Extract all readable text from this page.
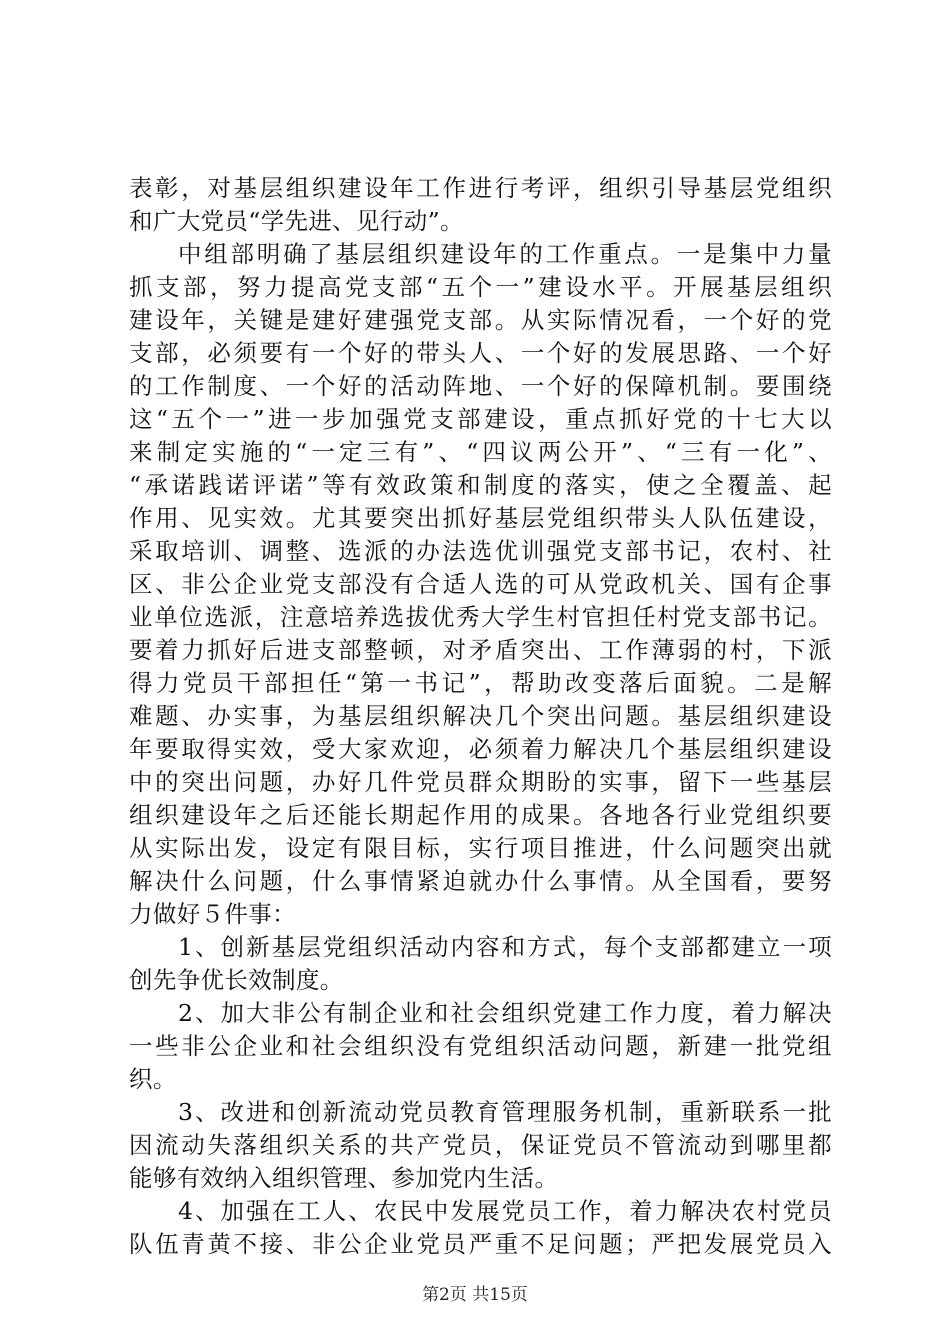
表彰，对基层组织建设年工作进行考评，组织引导基层党组织
和广大党员“学先进、见行动”。
中组部明确了基层组织建设年的工作重点。一是集中力量
抓支部，努力提高党支部“五个一”建设水平。开展基层组织
建设年，关键是建好建强党支部。从实际情况看，一个好的党
支部，必须要有一个好的带头人、一个好的发展思路、一个好
的工作制度、一个好的活动阵地、一个好的保障机制。要围绕
这“五个一”进一步加强党支部建设，重点抓好党的十七大以
来制定实施的“一定三有”、“四议两公开”、“三有一化”、
“承诺践诺评诺”等有效政策和制度的落实，使之全覆盖、起
作用、见实效。尤其要突出抓好基层党组织带头人队伍建设，
采取培训、调整、选派的办法选优训强党支部书记，农村、社
区、非公企业党支部没有合适人选的可从党政机关、国有企事
业单位选派，注意培养选拔优秀大学生村官担任村党支部书记。
要着力抓好后进支部整顿，对矛盾突出、工作薄弱的村，下派
得力党员干部担任“第一书记”，帮助改变落后面貌。二是解
难题、办实事，为基层组织解决几个突出问题。基层组织建设
年要取得实效，受大家欢迎，必须着力解决几个基层组织建设
中的突出问题，办好几件党员群众期盼的实事，留下一些基层
组织建设年之后还能长期起作用的成果。各地各行业党组织要
从实际出发，设定有限目标，实行项目推进，什么问题突出就
解决什么问题，什么事情紧迫就办什么事情。从全国看，要努
力做好５件事：
1、创新基层党组织活动内容和方式，每个支部都建立一项
创先争优长效制度。
2、加大非公有制企业和社会组织党建工作力度，着力解决
一些非公企业和社会组织没有党组织活动问题，新建一批党组
织。
3、改进和创新流动党员教育管理服务机制，重新联系一批
因流动失落组织关系的共产党员，保证党员不管流动到哪里都
能够有效纳入组织管理、参加党内生活。
4、加强在工人、农民中发展党员工作，着力解决农村党员
队伍青黄不接、非公企业党员严重不足问题；严把发展党员入
第2页 共15页
